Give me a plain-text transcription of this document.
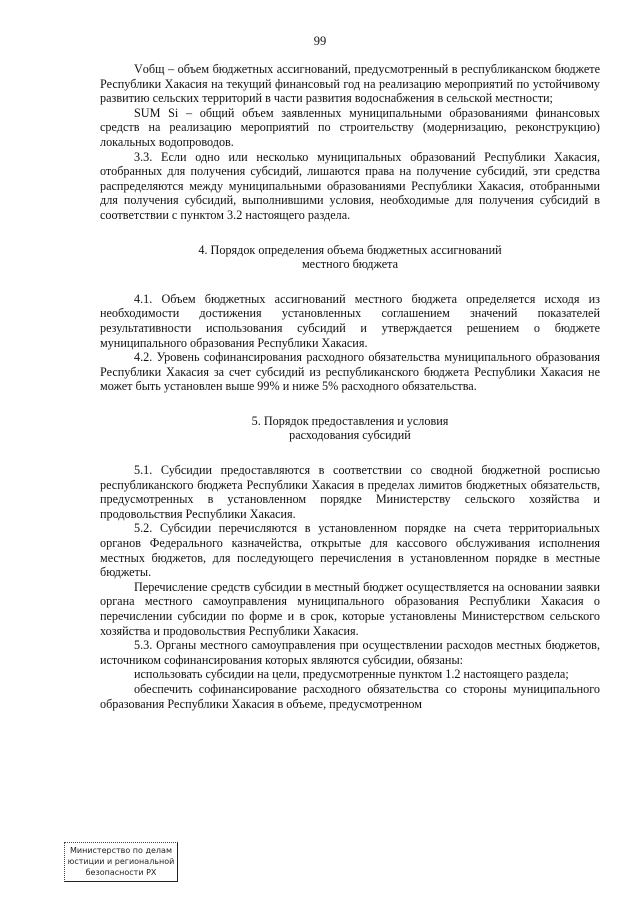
99

Vобщ – объем бюджетных ассигнований, предусмотренный в республиканском бюджете Республики Хакасия на текущий финансовый год на реализацию мероприятий по устойчивому развитию сельских территорий в части развития водоснабжения в сельской местности;

SUM Si – общий объем заявленных муниципальными образованиями финансовых средств на реализацию мероприятий по строительству (модернизацию, реконструкцию) локальных водопроводов.

3.3. Если одно или несколько муниципальных образований Республики Хакасия, отобранных для получения субсидий, лишаются права на получение субсидий, эти средства распределяются между муниципальными образованиями Республики Хакасия, отобранными для получения субсидий, выполнившими условия, необходимые для получения субсидий в соответствии с пунктом 3.2 настоящего раздела.

4. Порядок определения объема бюджетных ассигнований

местного бюджета

4.1. Объем бюджетных ассигнований местного бюджета определяется исходя из необходимости достижения установленных соглашением значений показателей результативности использования субсидий и утверждается решением о бюджете муниципального образования Республики Хакасия.

4.2. Уровень софинансирования расходного обязательства муниципального образования Республики Хакасия за счет субсидий из республиканского бюджета Республики Хакасия не может быть установлен выше 99% и ниже 5% расходного обязательства.

5. Порядок предоставления и условия

расходования субсидий

5.1. Субсидии предоставляются в соответствии со сводной бюджетной росписью республиканского бюджета Республики Хакасия в пределах лимитов бюджетных обязательств, предусмотренных в установленном порядке Министерству сельского хозяйства и продовольствия Республики Хакасия.

5.2. Субсидии перечисляются в установленном порядке на счета территориальных органов Федерального казначейства, открытые для кассового обслуживания исполнения местных бюджетов, для последующего перечисления в установленном порядке в местные бюджеты.

Перечисление средств субсидии в местный бюджет осуществляется на основании заявки органа местного самоуправления муниципального образования Республики Хакасия о перечислении субсидии по форме и в срок, которые установлены Министерством сельского хозяйства и продовольствия Республики Хакасия.

5.3. Органы местного самоуправления при осуществлении расходов местных бюджетов, источником софинансирования которых являются субсидии, обязаны:

использовать субсидии на цели, предусмотренные пунктом 1.2 настоящего раздела;

обеспечить софинансирование расходного обязательства со стороны муниципального образования Республики Хакасия в объеме, предусмотренном

Министерство по делам
юстиции и региональной
безопасности РХ
